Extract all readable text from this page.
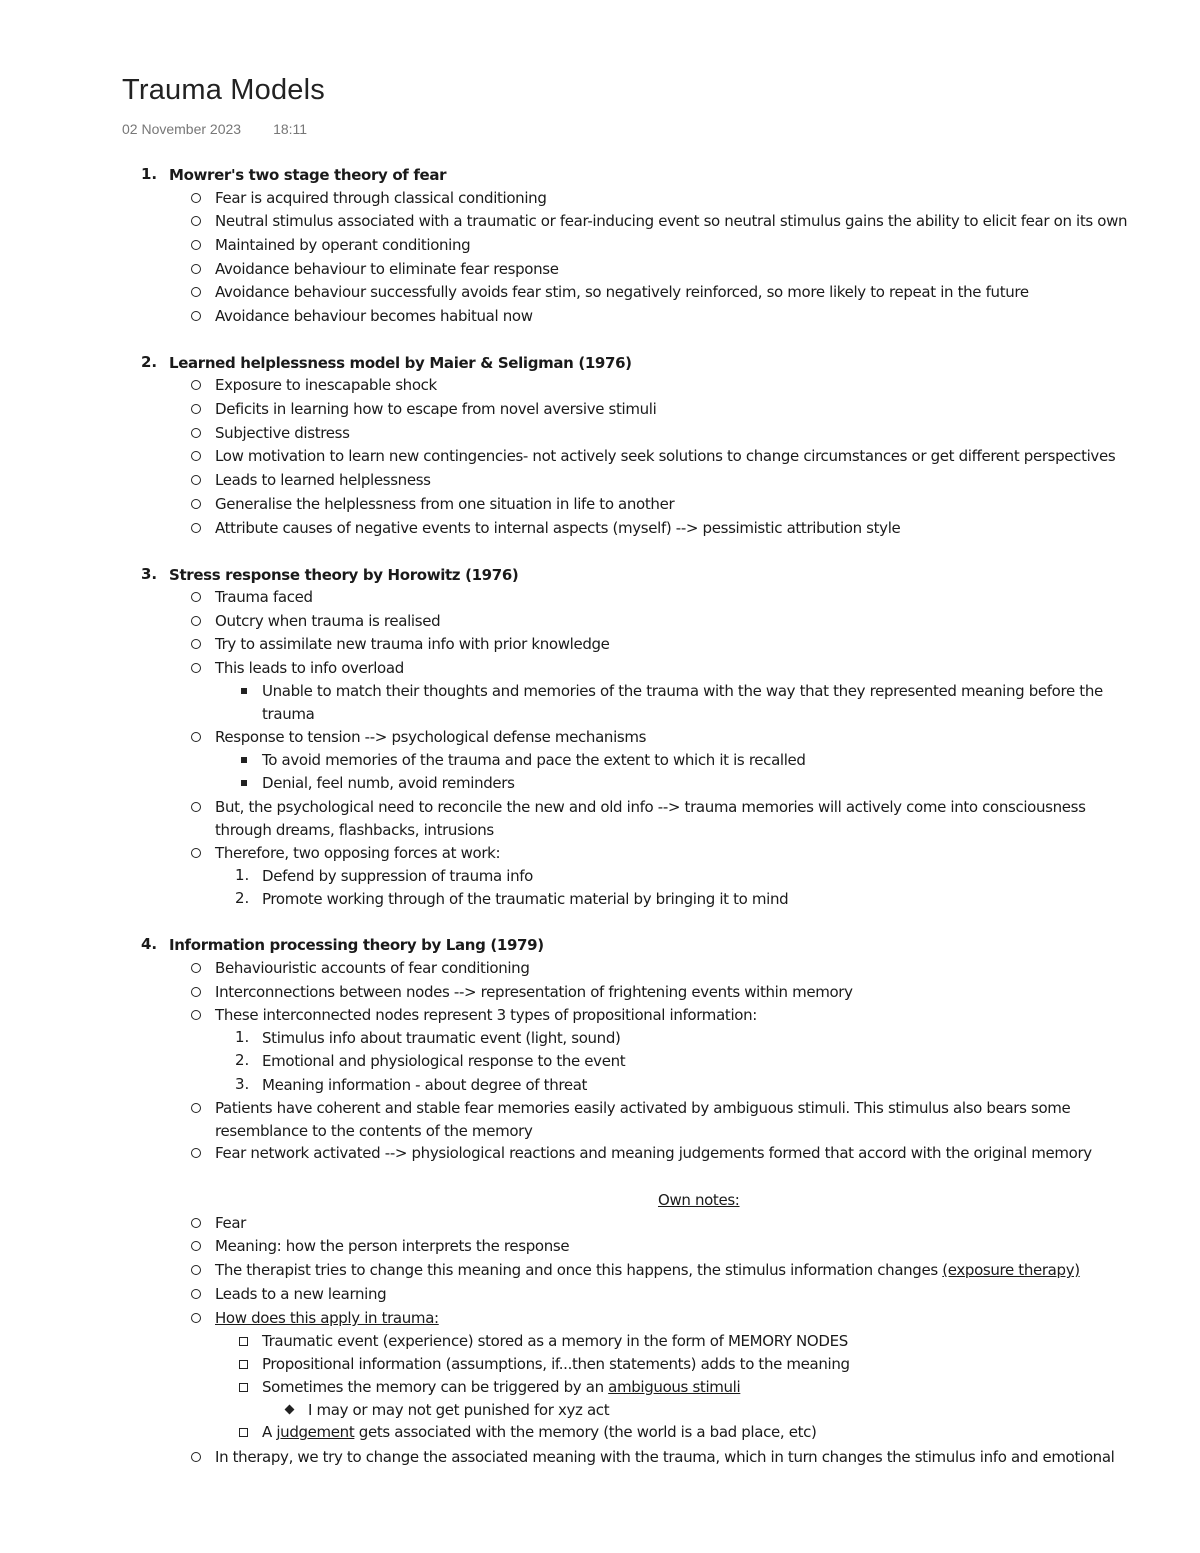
Trauma Models
02 November 2023 18:11
1. Mowrer's two stage theory of fear
Fear is acquired through classical conditioning
Neutral stimulus associated with a traumatic or fear-inducing event so neutral stimulus gains the ability to elicit fear on its own
Maintained by operant conditioning
Avoidance behaviour to eliminate fear response
Avoidance behaviour successfully avoids fear stim, so negatively reinforced, so more likely to repeat in the future
Avoidance behaviour becomes habitual now
2. Learned helplessness model by Maier & Seligman (1976)
Exposure to inescapable shock
Deficits in learning how to escape from novel aversive stimuli
Subjective distress
Low motivation to learn new contingencies- not actively seek solutions to change circumstances or get different perspectives
Leads to learned helplessness
Generalise the helplessness from one situation in life to another
Attribute causes of negative events to internal aspects (myself) --> pessimistic attribution style
3. Stress response theory by Horowitz (1976)
Trauma faced
Outcry when trauma is realised
Try to assimilate new trauma info with prior knowledge
This leads to info overload
Unable to match their thoughts and memories of the trauma with the way that they represented meaning before the
trauma
Response to tension --> psychological defense mechanisms
To avoid memories of the trauma and pace the extent to which it is recalled
Denial, feel numb, avoid reminders
But, the psychological need to reconcile the new and old info --> trauma memories will actively come into consciousness
through dreams, flashbacks, intrusions
Therefore, two opposing forces at work:
1. Defend by suppression of trauma info
2. Promote working through of the traumatic material by bringing it to mind
4. Information processing theory by Lang (1979)
Behaviouristic accounts of fear conditioning
Interconnections between nodes --> representation of frightening events within memory
These interconnected nodes represent 3 types of propositional information:
1. Stimulus info about traumatic event (light, sound)
2. Emotional and physiological response to the event
3. Meaning information - about degree of threat
Patients have coherent and stable fear memories easily activated by ambiguous stimuli. This stimulus also bears some
resemblance to the contents of the memory
Fear network activated --> physiological reactions and meaning judgements formed that accord with the original memory
Own notes:
Fear
Meaning: how the person interprets the response
The therapist tries to change this meaning and once this happens, the stimulus information changes (exposure therapy)
Leads to a new learning
How does this apply in trauma:
Traumatic event (experience) stored as a memory in the form of MEMORY NODES
Propositional information (assumptions, if...then statements) adds to the meaning
Sometimes the memory can be triggered by an ambiguous stimuli
I may or may not get punished for xyz act
A judgement gets associated with the memory (the world is a bad place, etc)
In therapy, we try to change the associated meaning with the trauma, which in turn changes the stimulus info and emotional
